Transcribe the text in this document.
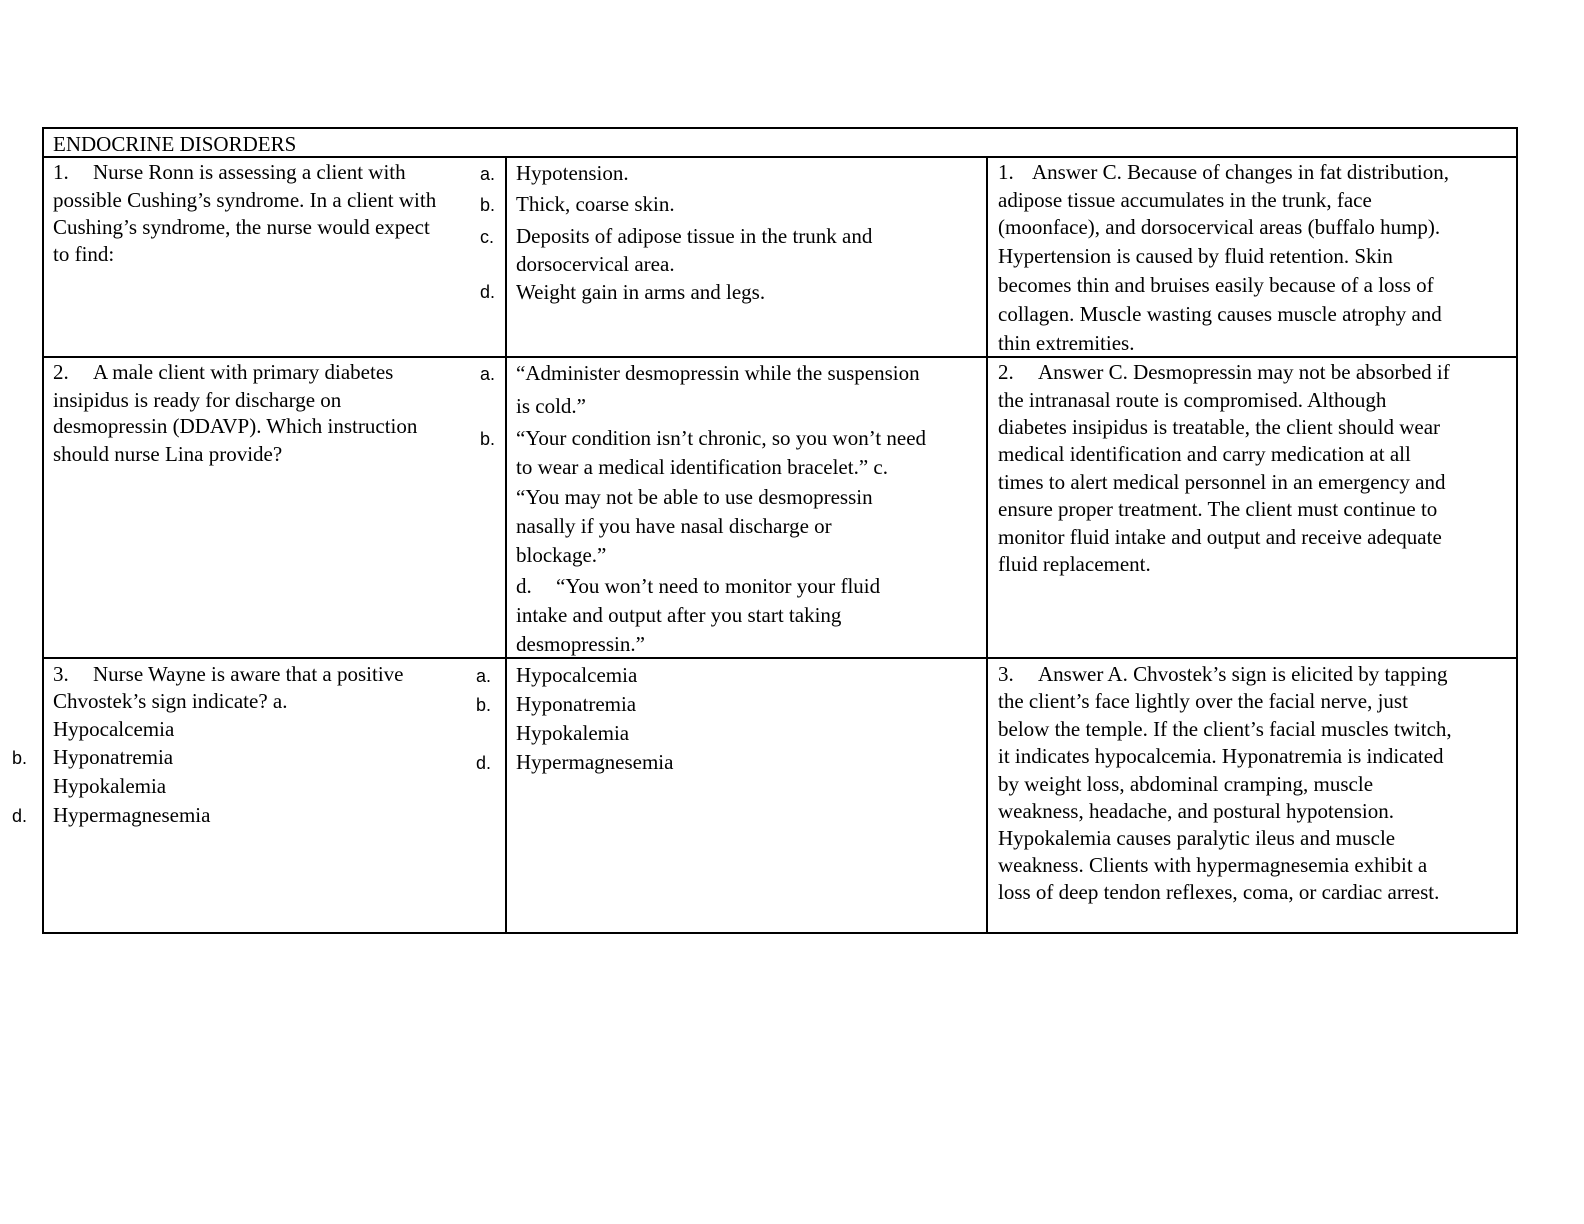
ENDOCRINE DISORDERS
1. Nurse Ronn is assessing a client with
possible Cushing’s syndrome. In a client with
Cushing’s syndrome, the nurse would expect
to find:
a. Hypotension.
b. Thick, coarse skin.
c. Deposits of adipose tissue in the trunk and
dorsocervical area.
d. Weight gain in arms and legs.
1. Answer C. Because of changes in fat distribution,
adipose tissue accumulates in the trunk, face
(moonface), and dorsocervical areas (buffalo hump).
Hypertension is caused by fluid retention. Skin
becomes thin and bruises easily because of a loss of
collagen. Muscle wasting causes muscle atrophy and
thin extremities.
2. A male client with primary diabetes
insipidus is ready for discharge on
desmopressin (DDAVP). Which instruction
should nurse Lina provide?
a. “Administer desmopressin while the suspension
is cold.”
b. “Your condition isn’t chronic, so you won’t need
to wear a medical identification bracelet.” c.
“You may not be able to use desmopressin
nasally if you have nasal discharge or
blockage.”
d. “You won’t need to monitor your fluid
intake and output after you start taking
desmopressin.”
2. Answer C. Desmopressin may not be absorbed if
the intranasal route is compromised. Although
diabetes insipidus is treatable, the client should wear
medical identification and carry medication at all
times to alert medical personnel in an emergency and
ensure proper treatment. The client must continue to
monitor fluid intake and output and receive adequate
fluid replacement.
3. Nurse Wayne is aware that a positive
Chvostek’s sign indicate? a.
Hypocalcemia
b. Hyponatremia
Hypokalemia
d. Hypermagnesemia
a. Hypocalcemia
b. Hyponatremia
Hypokalemia
d. Hypermagnesemia
3. Answer A. Chvostek’s sign is elicited by tapping
the client’s face lightly over the facial nerve, just
below the temple. If the client’s facial muscles twitch,
it indicates hypocalcemia. Hyponatremia is indicated
by weight loss, abdominal cramping, muscle
weakness, headache, and postural hypotension.
Hypokalemia causes paralytic ileus and muscle
weakness. Clients with hypermagnesemia exhibit a
loss of deep tendon reflexes, coma, or cardiac arrest.
